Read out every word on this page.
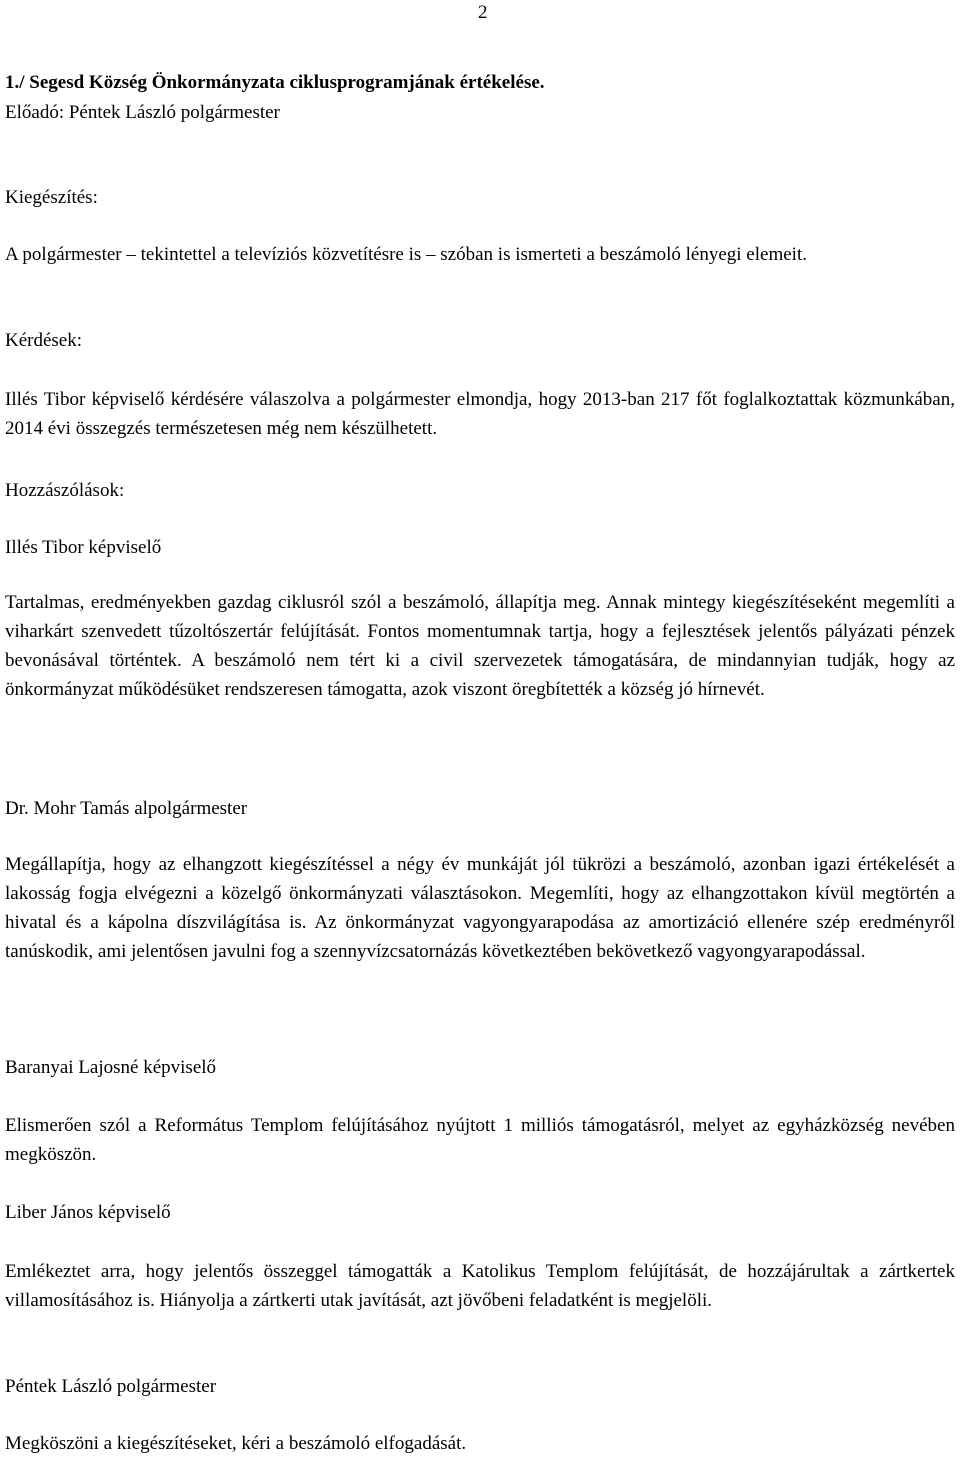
2

1./ Segesd Község Önkormányzata ciklusprogramjának értékelése.

Előadó: Péntek László polgármester

Kiegészítés:

A polgármester – tekintettel a televíziós közvetítésre is – szóban is ismerteti a beszámoló lényegi elemeit.

Kérdések:

Illés Tibor képviselő kérdésére válaszolva a polgármester elmondja, hogy 2013-ban 217 főt foglalkoztattak közmunkában, 2014 évi összegzés természetesen még nem készülhetett.

Hozzászólások:

Illés Tibor képviselő

Tartalmas, eredményekben gazdag ciklusról szól a beszámoló, állapítja meg. Annak mintegy kiegészítéseként megemlíti a viharkárt szenvedett tűzoltószertár felújítását. Fontos momentumnak tartja, hogy a fejlesztések jelentős pályázati pénzek bevonásával történtek. A beszámoló nem tért ki a civil szervezetek támogatására, de mindannyian tudják, hogy az önkormányzat működésüket rendszeresen támogatta, azok viszont öregbítették a község jó hírnevét.

Dr. Mohr Tamás alpolgármester

Megállapítja, hogy az elhangzott kiegészítéssel a négy év munkáját jól tükrözi a beszámoló, azonban igazi értékelését a lakosság fogja elvégezni a közelgő önkormányzati választásokon. Megemlíti, hogy az elhangzottakon kívül megtörtén a hivatal és a kápolna díszvilágítása is. Az önkormányzat vagyongyarapodása az amortizáció ellenére szép eredményről tanúskodik, ami jelentősen javulni fog a szennyvízcsatornázás következtében bekövetkező vagyongyarapodással.

Baranyai Lajosné képviselő

Elismerően szól a Református Templom felújításához nyújtott 1 milliós támogatásról, melyet az egyházközség nevében megköszön.

Liber János képviselő

Emlékeztet arra, hogy jelentős összeggel támogatták a Katolikus Templom felújítását, de hozzájárultak a zártkertek villamosításához is. Hiányolja a zártkerti utak javítását, azt jövőbeni feladatként is megjelöli.

Péntek László polgármester

Megköszöni a kiegészítéseket, kéri a beszámoló elfogadását.
